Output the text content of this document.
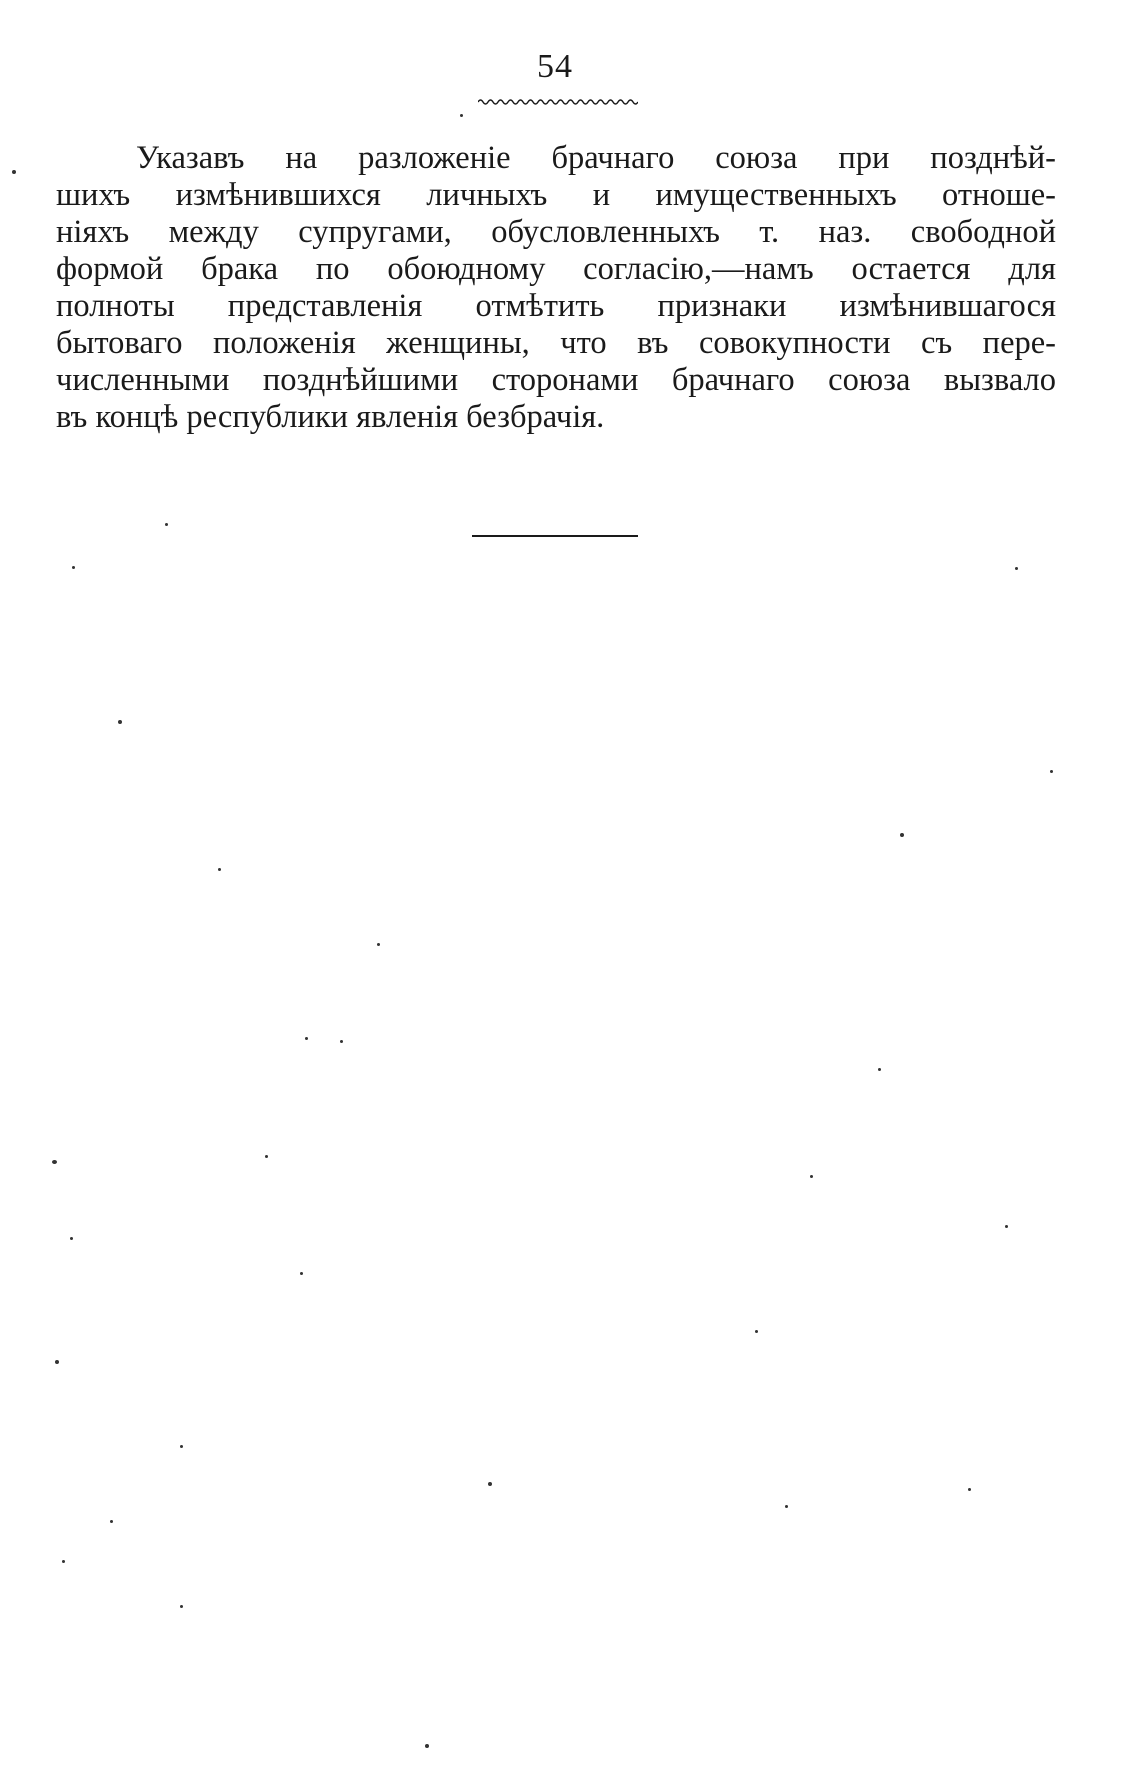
54
Указавъ на разложеніе брачнаго союза при позднѣй-
шихъ измѣнившихся личныхъ и имущественныхъ отноше-
ніяхъ между супругами, обусловленныхъ т. наз. свободной
формой брака по обоюдному согласію,—намъ остается для
полноты представленія отмѣтить признаки измѣнившагося
бытоваго положенія женщины, что въ совокупности съ пере-
численными позднѣйшими сторонами брачнаго союза вызвало
въ концѣ республики явленія безбрачія.
